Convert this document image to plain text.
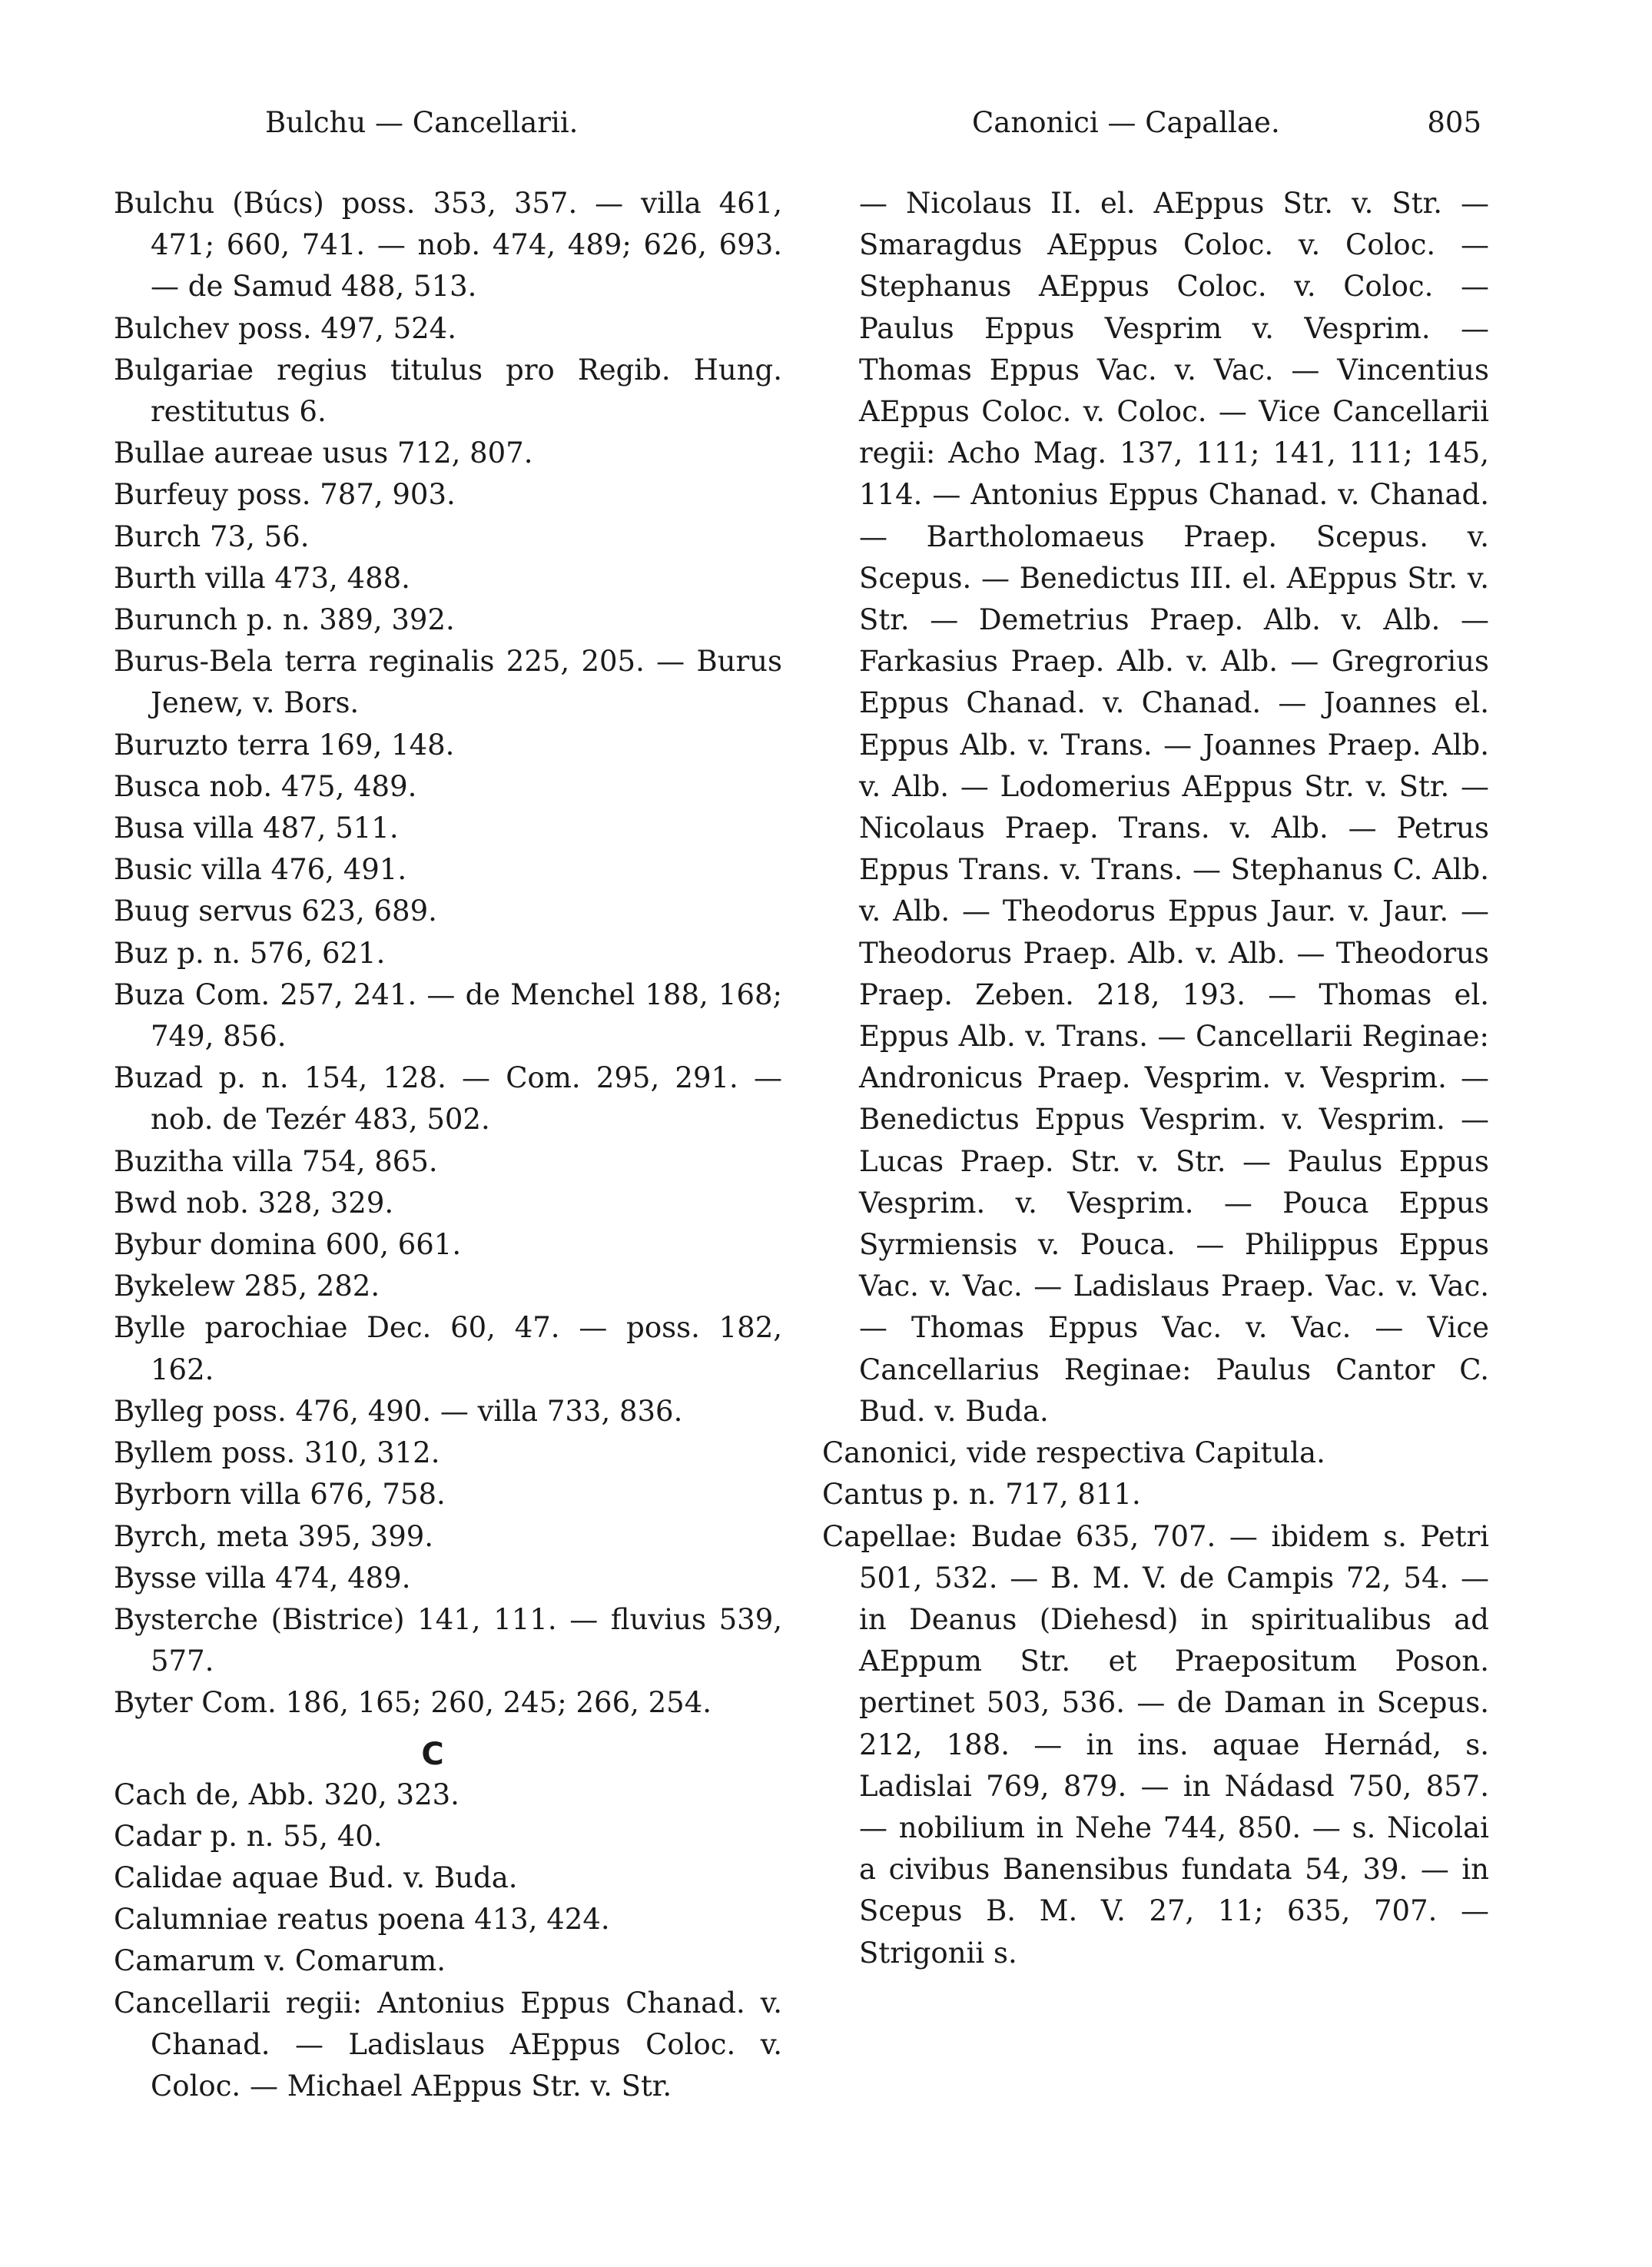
Bulchu — Cancellarii.	Canonici — Capallae.	805
Bulchu (Búcs) poss. 353, 357. — villa 461, 471; 660, 741. — nob. 474, 489; 626, 693. — de Samud 488, 513.
Bulchev poss. 497, 524.
Bulgariae regius titulus pro Regib. Hung. restitutus 6.
Bullae aureae usus 712, 807.
Burfeuy poss. 787, 903.
Burch 73, 56.
Burth villa 473, 488.
Burunch p. n. 389, 392.
Burus-Bela terra reginalis 225, 205. — Burus Jenew, v. Bors.
Buruzto terra 169, 148.
Busca nob. 475, 489.
Busa villa 487, 511.
Busic villa 476, 491.
Buug servus 623, 689.
Buz p. n. 576, 621.
Buza Com. 257, 241. — de Menchel 188, 168; 749, 856.
Buzad p. n. 154, 128. — Com. 295, 291. — nob. de Tezér 483, 502.
Buzitha villa 754, 865.
Bwd nob. 328, 329.
Bybur domina 600, 661.
Bykelew 285, 282.
Bylle parochiae Dec. 60, 47. — poss. 182, 162.
Bylleg poss. 476, 490. — villa 733, 836.
Byllem poss. 310, 312.
Byrborn villa 676, 758.
Byrch, meta 395, 399.
Bysse villa 474, 489.
Bysterche (Bistrice) 141, 111. — fluvius 539, 577.
Byter Com. 186, 165; 260, 245; 266, 254.
C
Cach de, Abb. 320, 323.
Cadar p. n. 55, 40.
Calidae aquae Bud. v. Buda.
Calumniae reatus poena 413, 424.
Camarum v. Comarum.
Cancellarii regii: Antonius Eppus Chanad. v. Chanad. — Ladislaus AEppus Coloc. v. Coloc. — Michael AEppus Str. v. Str.
— Nicolaus II. el. AEppus Str. v. Str. — Smaragdus AEppus Coloc. v. Coloc. — Stephanus AEppus Coloc. v. Coloc. — Paulus Eppus Vesprim v. Vesprim. — Thomas Eppus Vac. v. Vac. — Vincentius AEppus Coloc. v. Coloc. — Vice Cancellarii regii: Acho Mag. 137, 111; 141, 111; 145, 114. — Antonius Eppus Chanad. v. Chanad. — Bartholomaeus Praep. Scepus. v. Scepus. — Benedictus III. el. AEppus Str. v. Str. — Demetrius Praep. Alb. v. Alb. — Farkasius Praep. Alb. v. Alb. — Gregrorius Eppus Chanad. v. Chanad. — Joannes el. Eppus Alb. v. Trans. — Joannes Praep. Alb. v. Alb. — Lodomerius AEppus Str. v. Str. — Nicolaus Praep. Trans. v. Alb. — Petrus Eppus Trans. v. Trans. — Stephanus C. Alb. v. Alb. — Theodorus Eppus Jaur. v. Jaur. — Theodorus Praep. Alb. v. Alb. — Theodorus Praep. Zeben. 218, 193. — Thomas el. Eppus Alb. v. Trans. — Cancellarii Reginae: Andronicus Praep. Vesprim. v. Vesprim. — Benedictus Eppus Vesprim. v. Vesprim. — Lucas Praep. Str. v. Str. — Paulus Eppus Vesprim. v. Vesprim. — Pouca Eppus Syrmiensis v. Pouca. — Philippus Eppus Vac. v. Vac. — Ladislaus Praep. Vac. v. Vac. — Thomas Eppus Vac. v. Vac. — Vice Cancellarius Reginae: Paulus Cantor C. Bud. v. Buda.
Canonici, vide respectiva Capitula.
Cantus p. n. 717, 811.
Capellae: Budae 635, 707. — ibidem s. Petri 501, 532. — B. M. V. de Campis 72, 54. — in Deanus (Diehesd) in spiritualibus ad AEppum Str. et Praepositum Poson. pertinet 503, 536. — de Daman in Scepus. 212, 188. — in ins. aquae Hernád, s. Ladislai 769, 879. — in Nádasd 750, 857. — nobilium in Nehe 744, 850. — s. Nicolai a civibus Banensibus fundata 54, 39. — in Scepus B. M. V. 27, 11; 635, 707. — Strigonii s.
